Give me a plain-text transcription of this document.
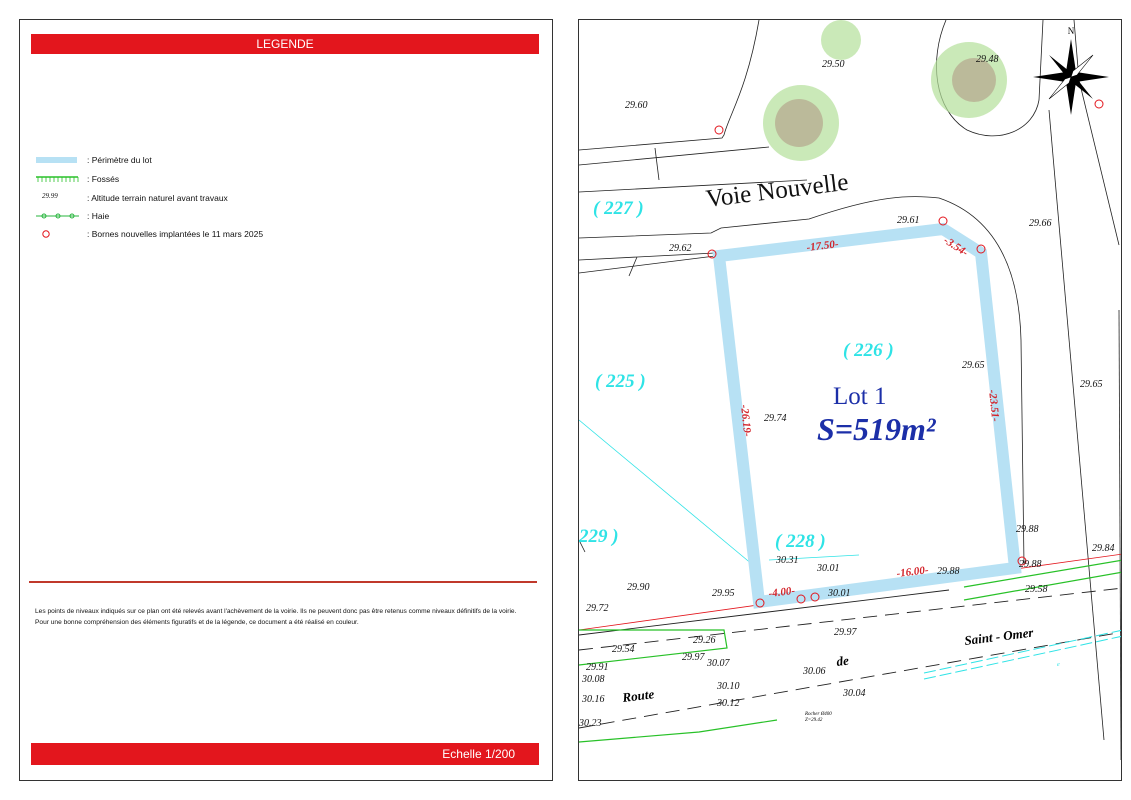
LEGENDE
: Périmètre du lot
: Fossés
29.99	: Altitude terrain naturel avant travaux
: Haie
: Bornes nouvelles implantées le 11 mars 2025
Les points de niveaux indiqués sur ce plan ont été relevés avant l'achèvement de la voirie. Ils ne peuvent donc pas être retenus comme niveaux définitifs de la voirie.
Pour une bonne compréhension des éléments figuratifs et de la légende, ce document a été réalisé en couleur.
Echelle 1/200
N
Voie Nouvelle
Route
de
Saint - Omer
( 227 )
( 226 )
( 225 )
( 228 )
229 )
Lot 1
S=519m²
-17.50-	-3.54-
-23.51-
-16.00-
-4.00-
-26.19-
29.50	29.48
29.60
29.61	29.66
29.62
29.65
29.65
29.74
29.88
29.84
29.88
29.88
29.58
30.31
30.01
30.01
29.90
29.95
29.72
29.54
29.26
29.91
29.97
30.07
30.08
29.97
30.06
30.10
30.16
30.04
30.12
30.23
Rocher Ø400
Z=29.42
e
